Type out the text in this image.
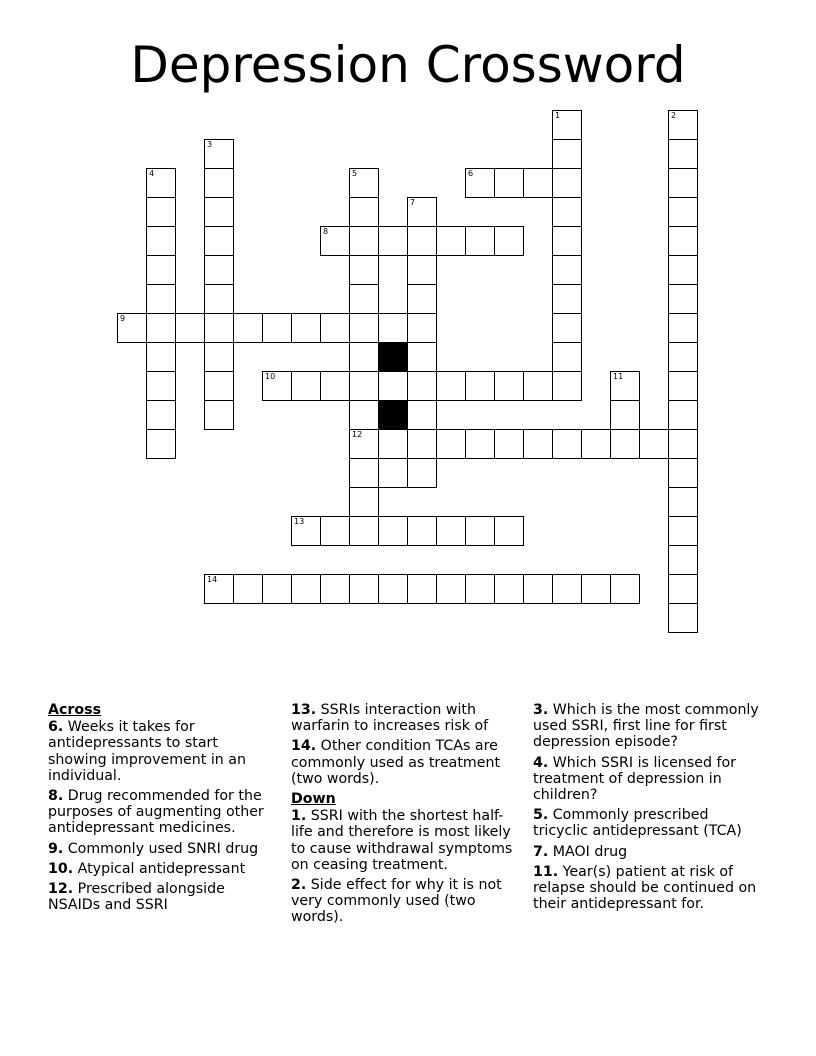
Depression Crossword
1	2
3
4	5
12
6
7
8
9
10	11
13
14
Across
6. Weeks it takes for antidepressants to start showing improvement in an individual.
8. Drug recommended for the purposes of augmenting other antidepressant medicines.
9. Commonly used SNRI drug
10. Atypical antidepressant
12. Prescribed alongside NSAIDs and SSRI
13. SSRIs interaction with warfarin to increases risk of
14. Other condition TCAs are commonly used as treatment (two words).
Down
1. SSRI with the shortest half-life and therefore is most likely to cause withdrawal symptoms on ceasing treatment.
2. Side effect for why it is not very commonly used (two words).
3. Which is the most commonly used SSRI, first line for first depression episode?
4. Which SSRI is licensed for treatment of depression in children?
5. Commonly prescribed tricyclic antidepressant (TCA)
7. MAOI drug
11. Year(s) patient at risk of relapse should be continued on their antidepressant for.
